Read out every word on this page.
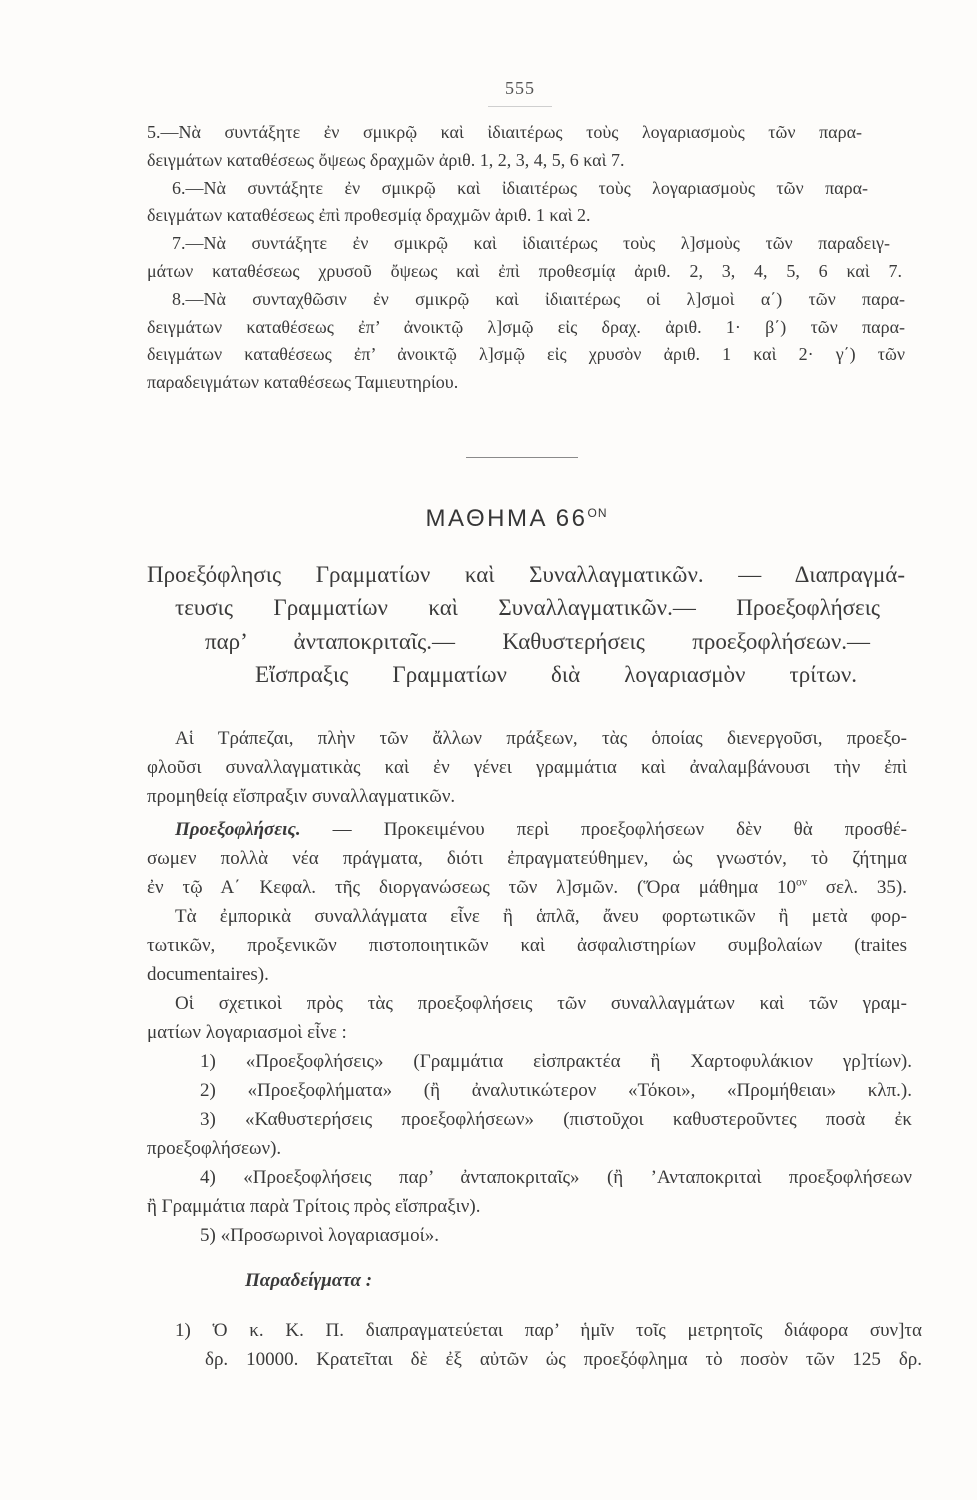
555
5.—Νὰ συντάξητε ἐν σμικρῷ καὶ ἰδιαιτέρως τοὺς λογαριασμοὺς τῶν παρα-
δειγμάτων καταθέσεως ὄψεως δραχμῶν ἀριθ. 1, 2, 3, 4, 5, 6 καὶ 7.
6.—Νὰ συντάξητε ἐν σμικρῷ καὶ ἰδιαιτέρως τοὺς λογαριασμοὺς τῶν παρα-
δειγμάτων καταθέσεως ἐπὶ προθεσμίᾳ δραχμῶν ἀριθ. 1 καὶ 2.
7.—Νὰ συντάξητε ἐν σμικρῷ καὶ ἰδιαιτέρως τοὺς λ]σμοὺς τῶν παραδειγ-
μάτων καταθέσεως χρυσοῦ ὄψεως καὶ ἐπὶ προθεσμίᾳ ἀριθ. 2, 3, 4, 5, 6 καὶ 7.
8.—Νὰ συνταχθῶσιν ἐν σμικρῷ καὶ ἰδιαιτέρως οἱ λ]σμοὶ α΄) τῶν παρα-
δειγμάτων καταθέσεως ἐπ’ ἀνοικτῷ λ]σμῷ εἰς δραχ. ἀριθ. 1· β΄) τῶν παρα-
δειγμάτων καταθέσεως ἐπ’ ἀνοικτῷ λ]σμῷ εἰς χρυσὸν ἀριθ. 1 καὶ 2· γ΄) τῶν
παραδειγμάτων καταθέσεως Ταμιευτηρίου.
ΜΑΘΗΜΑ $66^{ON}$
Προεξόφλησις Γραμματίων καὶ Συναλλαγματικῶν. — Διαπραγμά-
τευσις Γραμματίων καὶ Συναλλαγματικῶν.— Προεξοφλήσεις
παρ’ ἀνταποκριταῖς.— Καθυστερήσεις προεξοφλήσεων.—
Εἴσπραξις Γραμματίων διὰ λογαριασμὸν τρίτων.
Αἱ Τράπεζαι, πλὴν τῶν ἄλλων πράξεων, τὰς ὁποίας διενεργοῦσι, προεξο-
φλοῦσι συναλλαγματικὰς καὶ ἐν γένει γραμμάτια καὶ ἀναλαμβάνουσι τὴν ἐπὶ
προμηθείᾳ εἴσπραξιν συναλλαγματικῶν.
Προεξοφλήσεις. — Προκειμένου περὶ προεξοφλήσεων δὲν θὰ προσθέ-
σωμεν πολλὰ νέα πράγματα, διότι ἐπραγματεύθημεν, ὡς γνωστόν, τὸ ζήτημα
ἐν τῷ Α΄ Κεφαλ. τῆς διοργανώσεως τῶν λ]σμῶν. (Ὅρα μάθημα $10^{o\nu}$ σελ. 35).
Τὰ ἐμπορικὰ συναλλάγματα εἶνε ἢ ἁπλᾶ, ἄνευ φορτωτικῶν ἢ μετὰ φορ-
τωτικῶν, προξενικῶν πιστοποιητικῶν καὶ ἀσφαλιστηρίων συμβολαίων (traites
documentaires).
Οἱ σχετικοὶ πρὸς τὰς προεξοφλήσεις τῶν συναλλαγμάτων καὶ τῶν γραμ-
ματίων λογαριασμοὶ εἶνε :
1) «Προεξοφλήσεις» (Γραμμάτια εἰσπρακτέα ἢ Χαρτοφυλάκιον γρ]τίων).
2) «Προεξοφλήματα» (ἢ ἀναλυτικώτερον «Τόκοι», «Προμήθειαι» κλπ.).
3) «Καθυστερήσεις προεξοφλήσεων» (πιστοῦχοι καθυστεροῦντες ποσὰ ἐκ
προεξοφλήσεων).
4) «Προεξοφλήσεις παρ’ ἀνταποκριταῖς» (ἢ ’Ανταποκριταὶ προεξοφλήσεων
ἢ Γραμμάτια παρὰ Τρίτοις πρὸς εἴσπραξιν).
5) «Προσωρινοὶ λογαριασμοί».
Παραδείγματα :
1) Ὁ κ. Κ. Π. διαπραγματεύεται παρ’ ἡμῖν τοῖς μετρητοῖς διάφορα συν]τα
δρ. 10000. Κρατεῖται δὲ ἐξ αὐτῶν ὡς προεξόφλημα τὸ ποσὸν τῶν 125 δρ.
